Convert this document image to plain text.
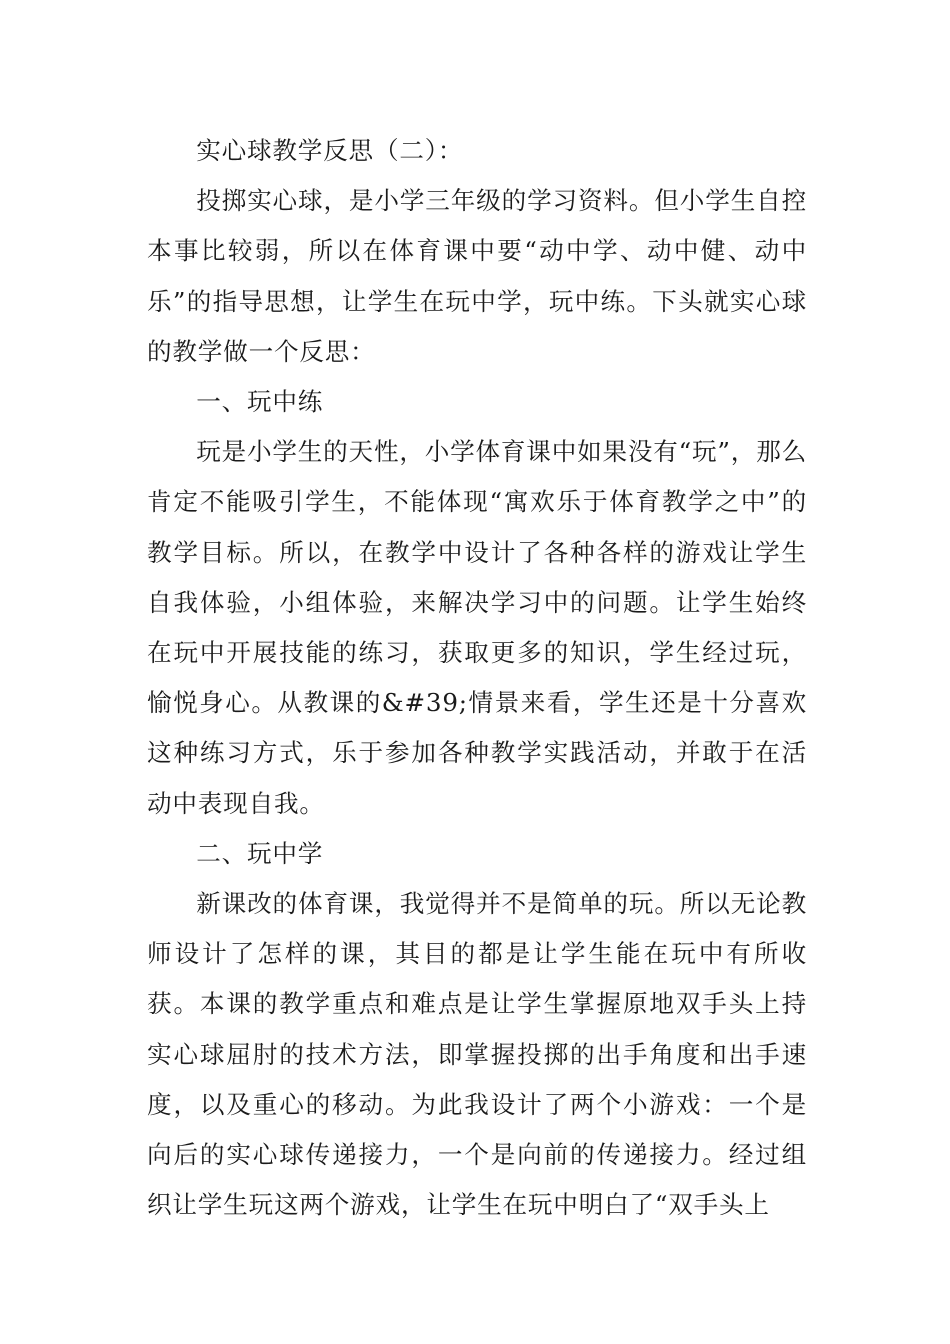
实心球教学反思（二）：

投掷实心球，是小学三年级的学习资料。但小学生自控本事比较弱，所以在体育课中要“动中学、动中健、动中乐”的指导思想，让学生在玩中学，玩中练。下头就实心球的教学做一个反思：

一、玩中练

玩是小学生的天性，小学体育课中如果没有“玩”，那么肯定不能吸引学生，不能体现“寓欢乐于体育教学之中”的教学目标。所以，在教学中设计了各种各样的游戏让学生自我体验，小组体验，来解决学习中的问题。让学生始终在玩中开展技能的练习，获取更多的知识，学生经过玩，愉悦身心。从教课的&#39;情景来看，学生还是十分喜欢这种练习方式，乐于参加各种教学实践活动，并敢于在活动中表现自我。

二、玩中学

新课改的体育课，我觉得并不是简单的玩。所以无论教师设计了怎样的课，其目的都是让学生能在玩中有所收获。本课的教学重点和难点是让学生掌握原地双手头上持实心球屈肘的技术方法，即掌握投掷的出手角度和出手速度，以及重心的移动。为此我设计了两个小游戏：一个是向后的实心球传递接力，一个是向前的传递接力。经过组织让学生玩这两个游戏，让学生在玩中明白了“双手头上
